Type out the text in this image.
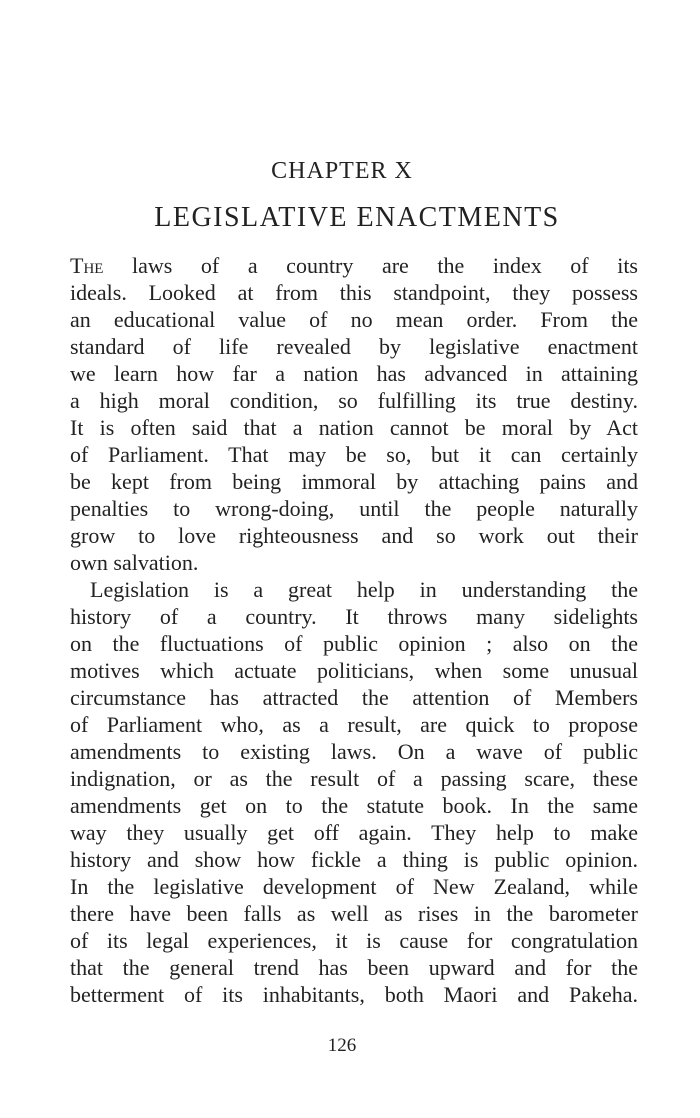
CHAPTER X
LEGISLATIVE ENACTMENTS
The laws of a country are the index of its
ideals. Looked at from this standpoint, they possess
an educational value of no mean order. From the
standard of life revealed by legislative enactment
we learn how far a nation has advanced in attaining
a high moral condition, so fulfilling its true destiny.
It is often said that a nation cannot be moral by Act
of Parliament. That may be so, but it can certainly
be kept from being immoral by attaching pains and
penalties to wrong-doing, until the people naturally
grow to love righteousness and so work out their
own salvation.
Legislation is a great help in understanding the
history of a country. It throws many sidelights
on the fluctuations of public opinion ; also on the
motives which actuate politicians, when some unusual
circumstance has attracted the attention of Members
of Parliament who, as a result, are quick to propose
amendments to existing laws. On a wave of public
indignation, or as the result of a passing scare, these
amendments get on to the statute book. In the same
way they usually get off again. They help to make
history and show how fickle a thing is public opinion.
In the legislative development of New Zealand, while
there have been falls as well as rises in the barometer
of its legal experiences, it is cause for congratulation
that the general trend has been upward and for the
betterment of its inhabitants, both Maori and Pakeha.
126
